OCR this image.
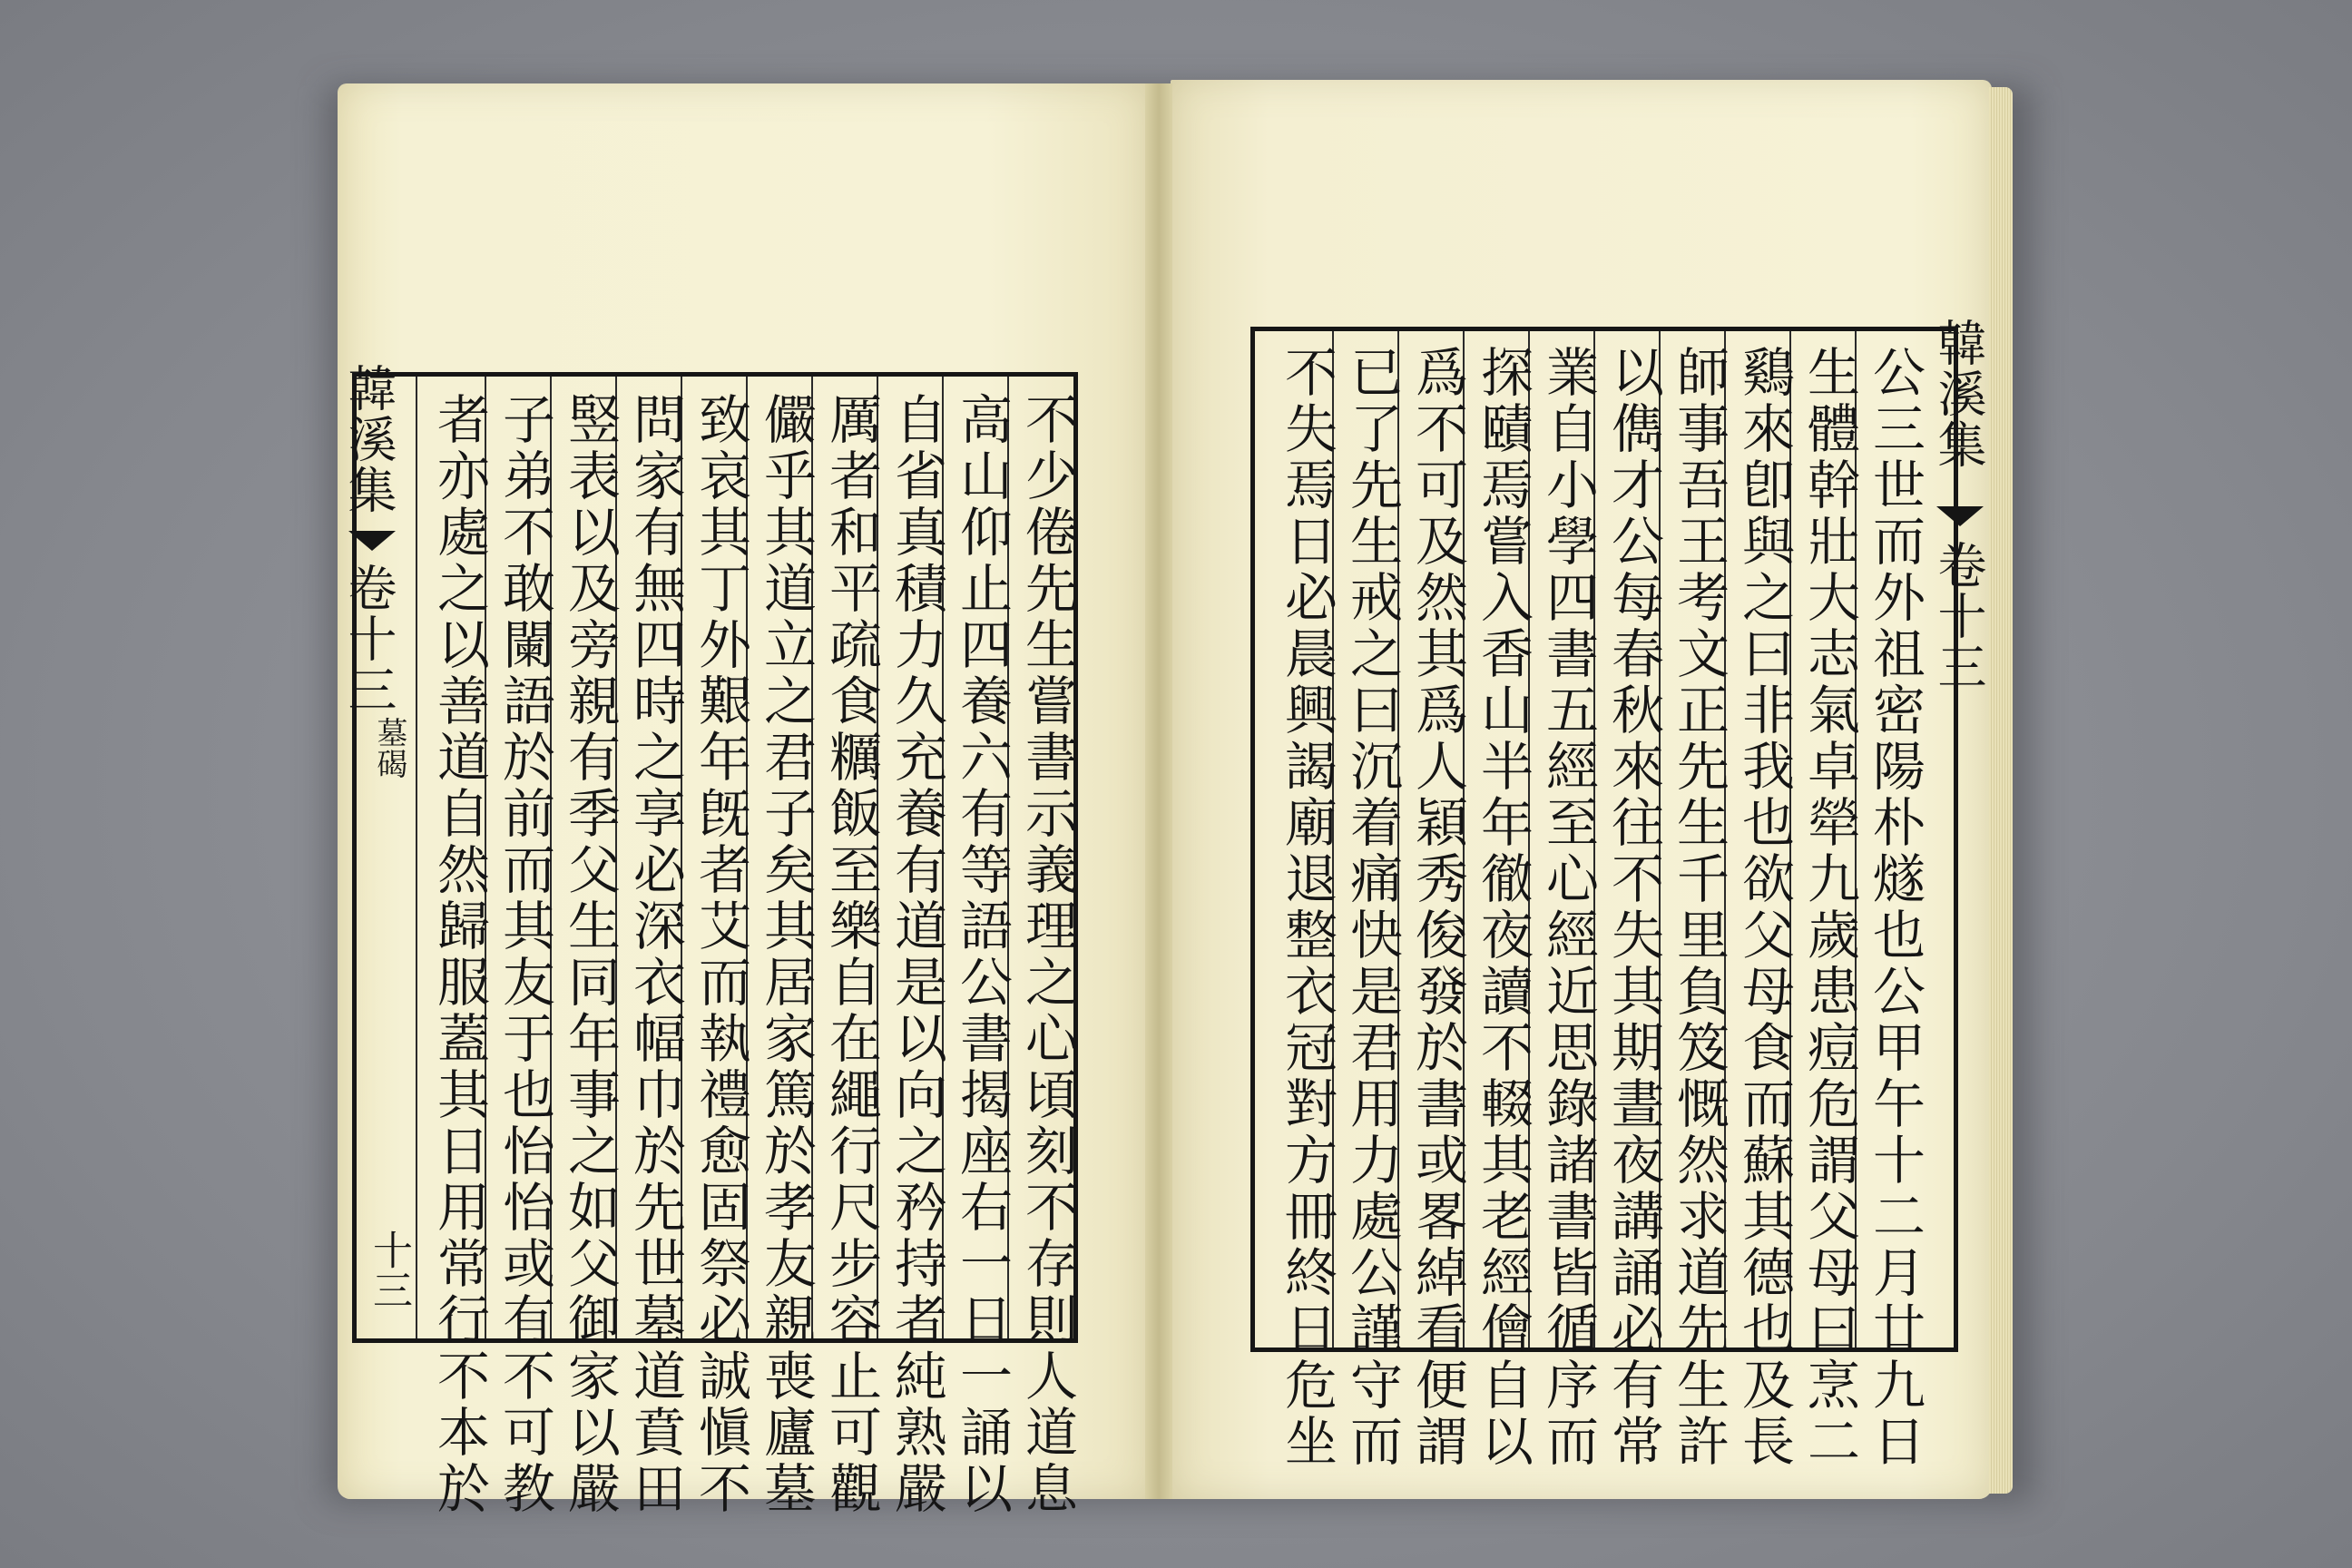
韓溪集
卷十三
墓碣
十三	不少倦先生嘗書示義理之心頃刻不存則人道息
高山仰止四養六有等語公書揭座右一日一誦以
自省真積力久充養有道是以向之矜持者純熟嚴
厲者和平疏食糲飯至樂自在繩行尺步容止可觀
儼乎其道立之君子矣其居家篤於孝友親喪廬墓
致哀其丁外艱年旣者艾而執禮愈固祭必誠愼不
問家有無四時之享必深衣幅巾於先世墓道賁田
竪表以及旁親有季父生同年事之如父御家以嚴
子弟不敢闌語於前而其友于也怡怡或有不可教
者亦處之以善道自然歸服蓋其日用常行不本於	公三世而外祖密陽朴燧也公甲午十二月廿九日
生體幹壯大志氣卓犖九歲患痘危謂父母曰烹二
鷄來卽與之曰非我也欲父母食而蘇其德也及長
師事吾王考文正先生千里負笈慨然求道先生許
以儁才公每春秋來往不失其期晝夜講誦必有常
業自小學四書五經至心經近思錄諸書皆循序而
探賾焉嘗入香山半年徹夜讀不輟其老經儈自以
爲不可及然其爲人穎秀俊發於書或畧綽看便謂
已了先生戒之曰沉着痛快是君用力處公謹守而
不失焉日必晨興謁廟退整衣冠對方冊終日危坐	韓溪集
卷十三
